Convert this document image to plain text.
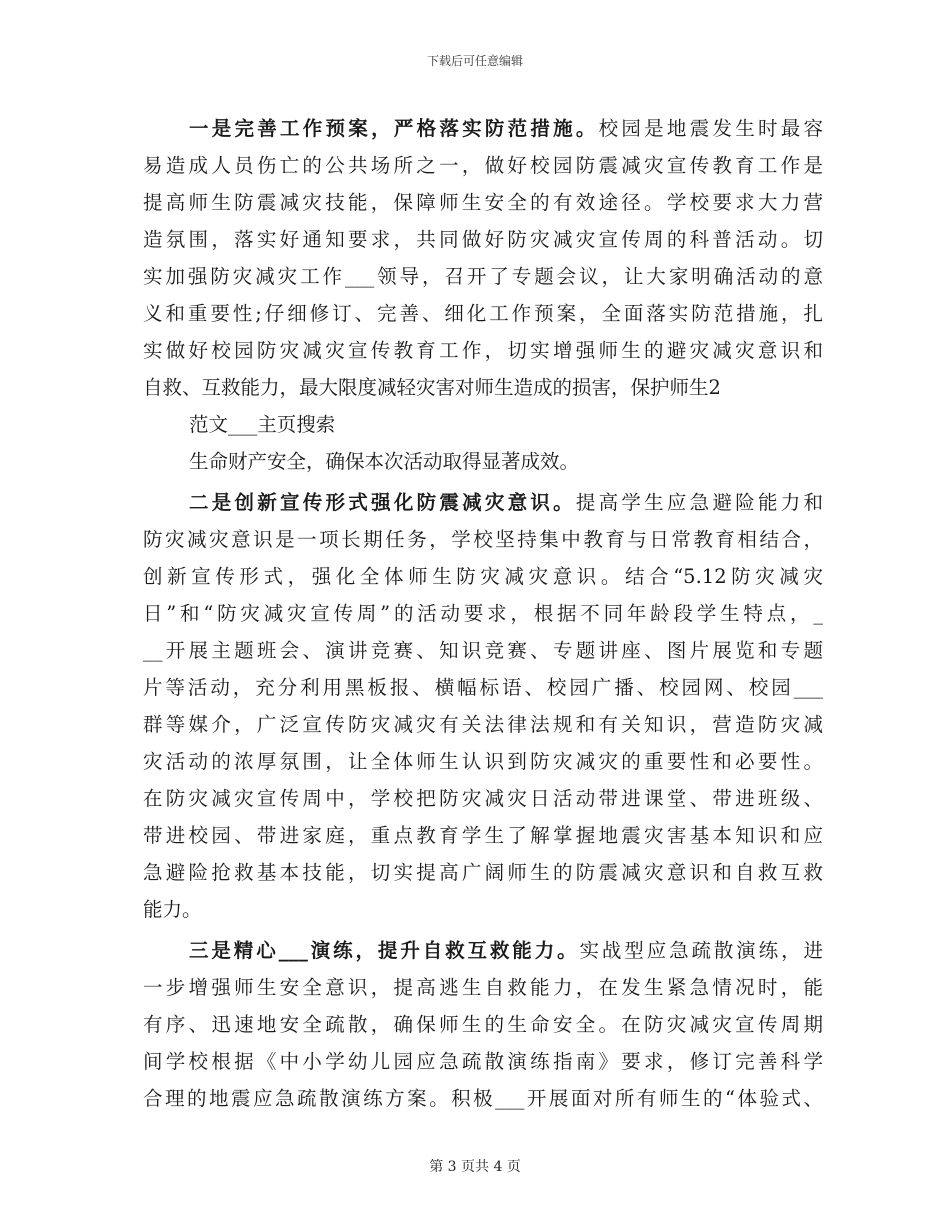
下载后可任意编辑
一是完善工作预案，严格落实防范措施。校园是地震发生时最容
易造成人员伤亡的公共场所之一，做好校园防震减灾宣传教育工作是
提高师生防震减灾技能，保障师生安全的有效途径。学校要求大力营
造氛围，落实好通知要求，共同做好防灾减灾宣传周的科普活动。切
实加强防灾减灾工作___领导，召开了专题会议，让大家明确活动的意
义和重要性;仔细修订、完善、细化工作预案，全面落实防范措施，扎
实做好校园防灾减灾宣传教育工作，切实增强师生的避灾减灾意识和
自救、互救能力，最大限度减轻灾害对师生造成的损害，保护师生2
范文___主页搜索
生命财产安全，确保本次活动取得显著成效。
二是创新宣传形式强化防震减灾意识。提高学生应急避险能力和
防灾减灾意识是一项长期任务，学校坚持集中教育与日常教育相结合，
创新宣传形式，强化全体师生防灾减灾意识。结合“5.12防灾减灾
日”和“防灾减灾宣传周”的活动要求，根据不同年龄段学生特点，_
__开展主题班会、演讲竞赛、知识竞赛、专题讲座、图片展览和专题
片等活动，充分利用黑板报、横幅标语、校园广播、校园网、校园___
群等媒介，广泛宣传防灾减灾有关法律法规和有关知识，营造防灾减
灾活动的浓厚氛围，让全体师生认识到防灾减灾的重要性和必要性。
在防灾减灾宣传周中，学校把防灾减灾日活动带进课堂、带进班级、
带进校园、带进家庭，重点教育学生了解掌握地震灾害基本知识和应
急避险抢救基本技能，切实提高广阔师生的防震减灾意识和自救互救
能力。
三是精心___演练，提升自救互救能力。实战型应急疏散演练，进
一步增强师生安全意识，提高逃生自救能力，在发生紧急情况时，能
有序、迅速地安全疏散，确保师生的生命安全。在防灾减灾宣传周期
间学校根据《中小学幼儿园应急疏散演练指南》要求，修订完善科学
合理的地震应急疏散演练方案。积极___开展面对所有师生的“体验式、
第 3 页共 4 页
